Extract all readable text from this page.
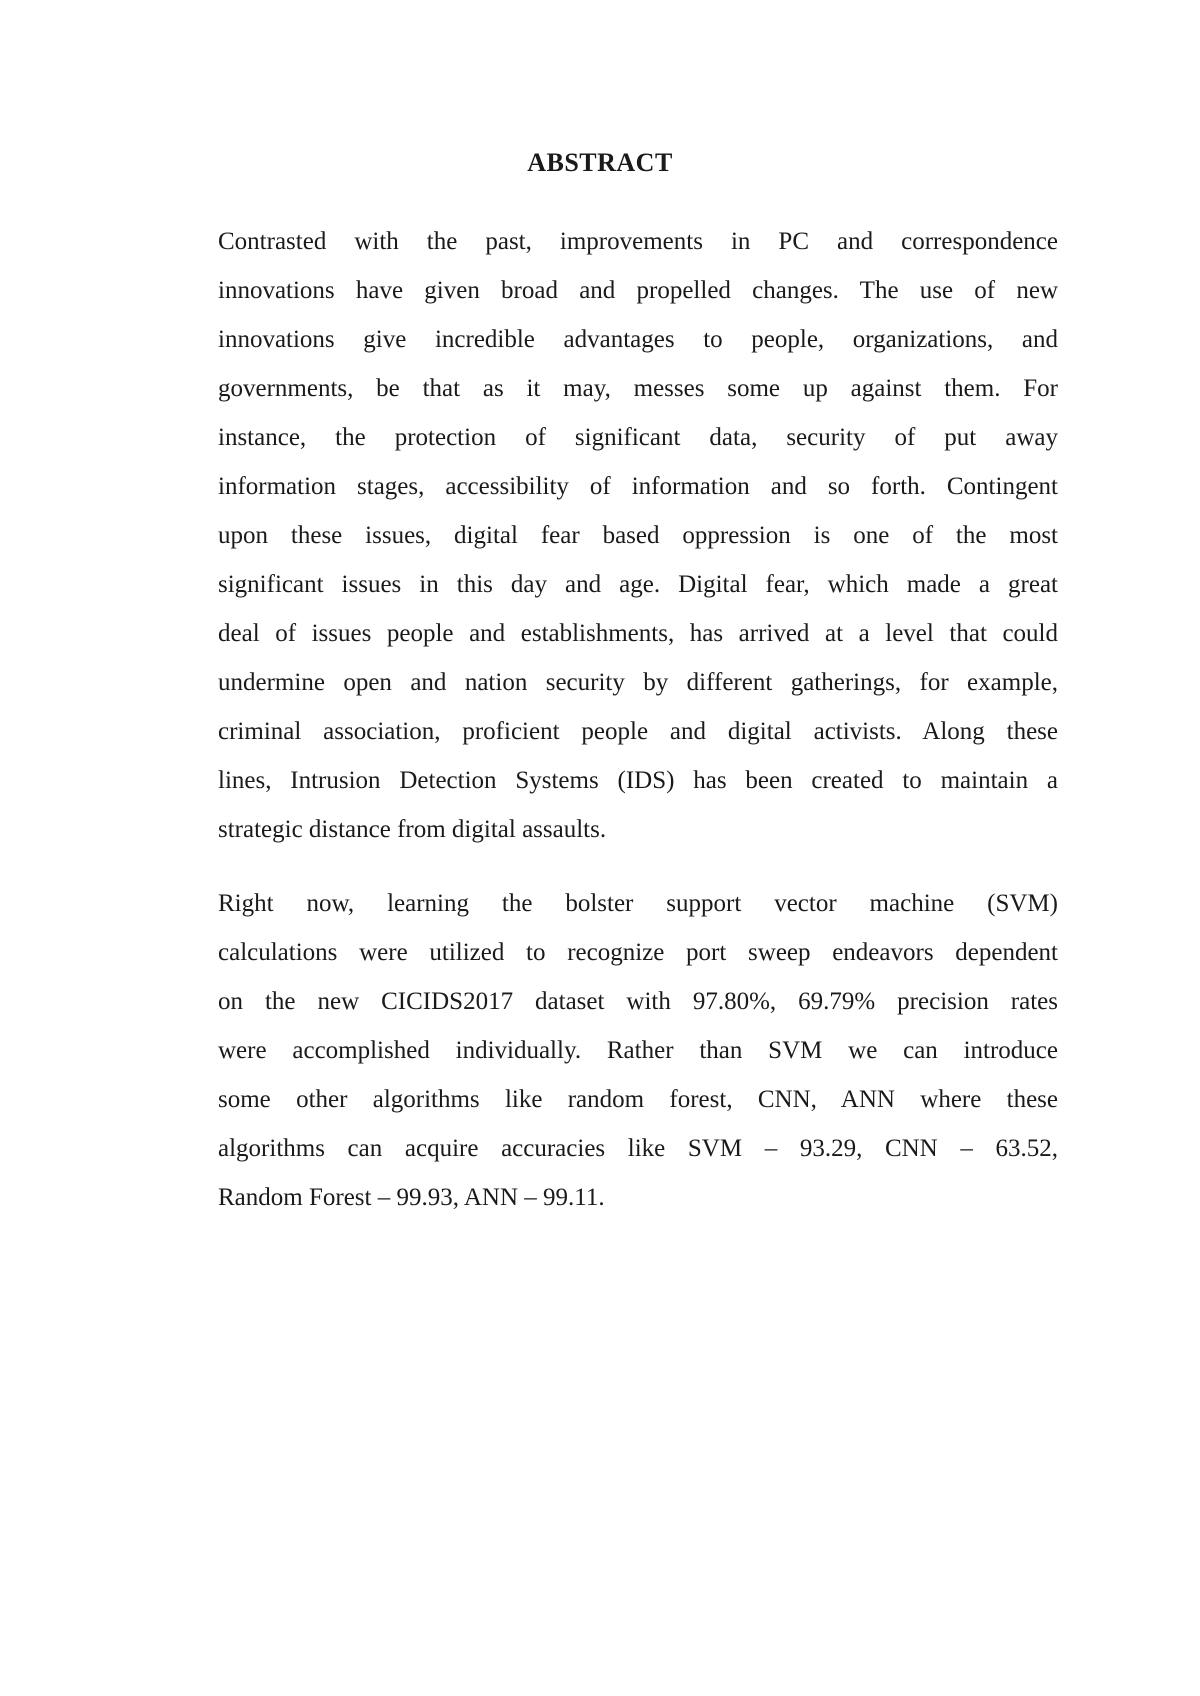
ABSTRACT

Contrasted with the past, improvements in PC and correspondence
innovations have given broad and propelled changes. The use of new
innovations give incredible advantages to people, organizations, and
governments, be that as it may, messes some up against them. For
instance, the protection of significant data, security of put away
information stages, accessibility of information and so forth. Contingent
upon these issues, digital fear based oppression is one of the most
significant issues in this day and age. Digital fear, which made a great
deal of issues people and establishments, has arrived at a level that could
undermine open and nation security by different gatherings, for example,
criminal association, proficient people and digital activists. Along these
lines, Intrusion Detection Systems (IDS) has been created to maintain a
strategic distance from digital assaults.

Right now, learning the bolster support vector machine (SVM)
calculations were utilized to recognize port sweep endeavors dependent
on the new CICIDS2017 dataset with 97.80%, 69.79% precision rates
were accomplished individually. Rather than SVM we can introduce
some other algorithms like random forest, CNN, ANN where these
algorithms can acquire accuracies like SVM – 93.29, CNN – 63.52,
Random Forest – 99.93, ANN – 99.11.
